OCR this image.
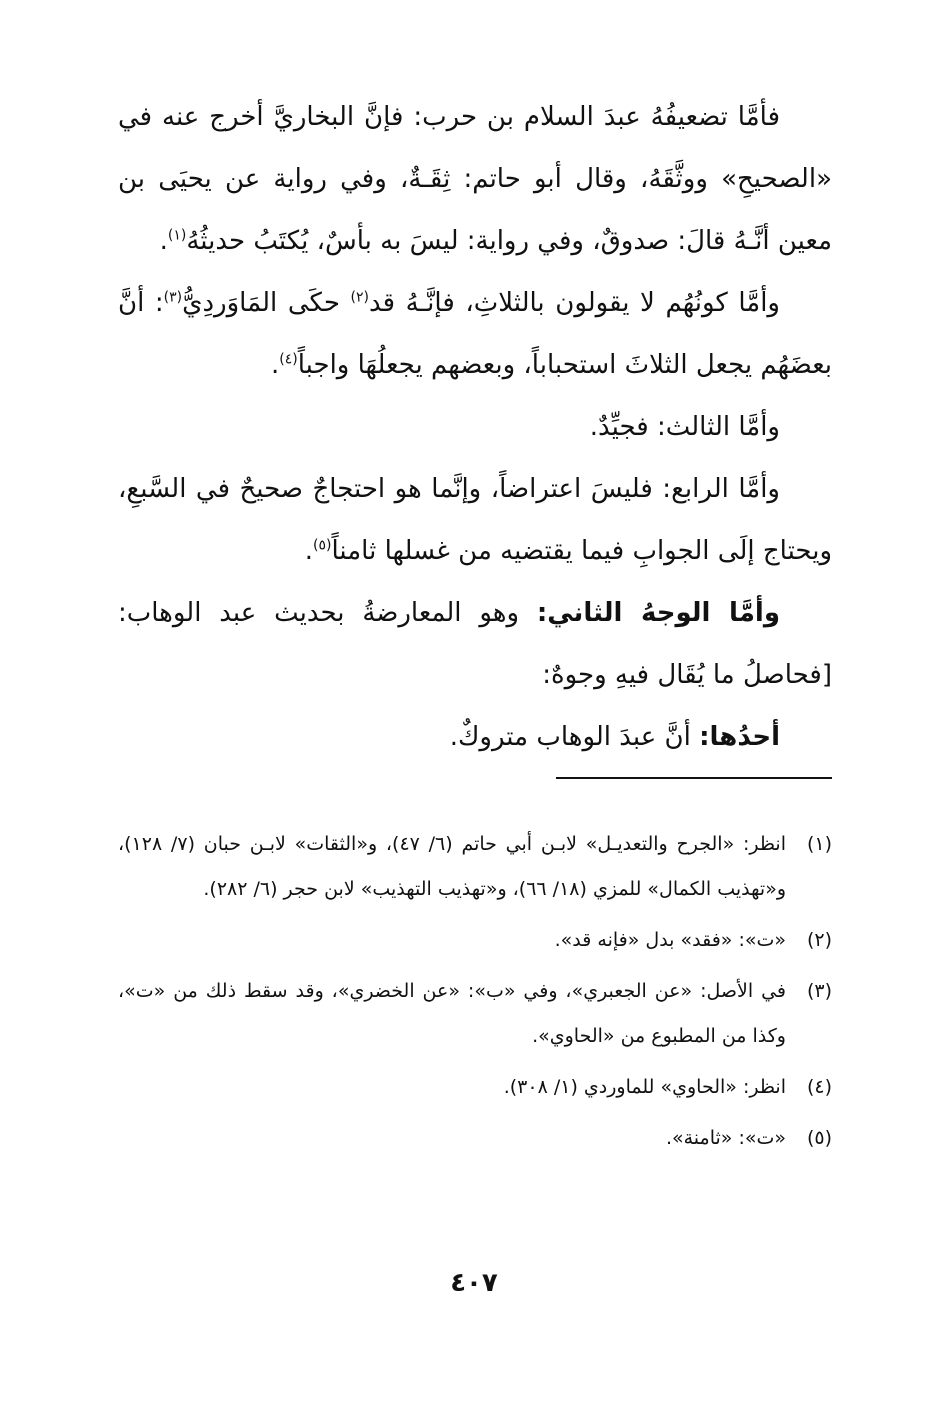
فأمَّا تضعيفُهُ عبدَ السلام بن حرب: فإنَّ البخاريَّ أخرج عنه في «الصحيحِ» ووثَّقَهُ، وقال أبو حاتم: ثِقَـةٌ، وفي رواية عن يحيَى بن معين أنَّـهُ قالَ: صدوقٌ، وفي رواية: ليسَ به بأسٌ، يُكتَبُ حديثُهُ$^{(١)}$.

وأمَّا كونُهُم لا يقولون بالثلاثِ، فإنَّـهُ قد$^{(٢)}$ حكَى المَاوَردِيُّ$^{(٣)}$: أنَّ بعضَهُم يجعل الثلاثَ استحباباً، وبعضهم يجعلُهَا واجباً$^{(٤)}$.

وأمَّا الثالث: فجيِّدٌ.

وأمَّا الرابع: فليسَ اعتراضاً، وإنَّما هو احتجاجٌ صحيحٌ في السَّبعِ، ويحتاج إلَى الجوابِ فيما يقتضيه من غسلها ثامناً$^{(٥)}$.

وأمَّا الوجهُ الثاني: وهو المعارضةُ بحديث عبد الوهاب: [فحاصلُ ما يُقَال فيهِ وجوهٌ:

أحدُها: أنَّ عبدَ الوهاب متروكٌ.

(١)
انظر: «الجرح والتعديـل» لابـن أبي حاتم (٦/ ٤٧)، و«الثقات» لابـن حبان (٧/ ١٢٨)، و«تهذيب الكمال» للمزي (١٨/ ٦٦)، و«تهذيب التهذيب» لابن حجر (٦/ ٢٨٢).
(٢)
«ت»: «فقد» بدل «فإنه قد».
(٣)
في الأصل: «عن الجعبري»، وفي «ب»: «عن الخضري»، وقد سقط ذلك من «ت»، وكذا من المطبوع من «الحاوي».
(٤)
انظر: «الحاوي» للماوردي (١/ ٣٠٨).
(٥)
«ت»: «ثامنة».
٤٠٧
